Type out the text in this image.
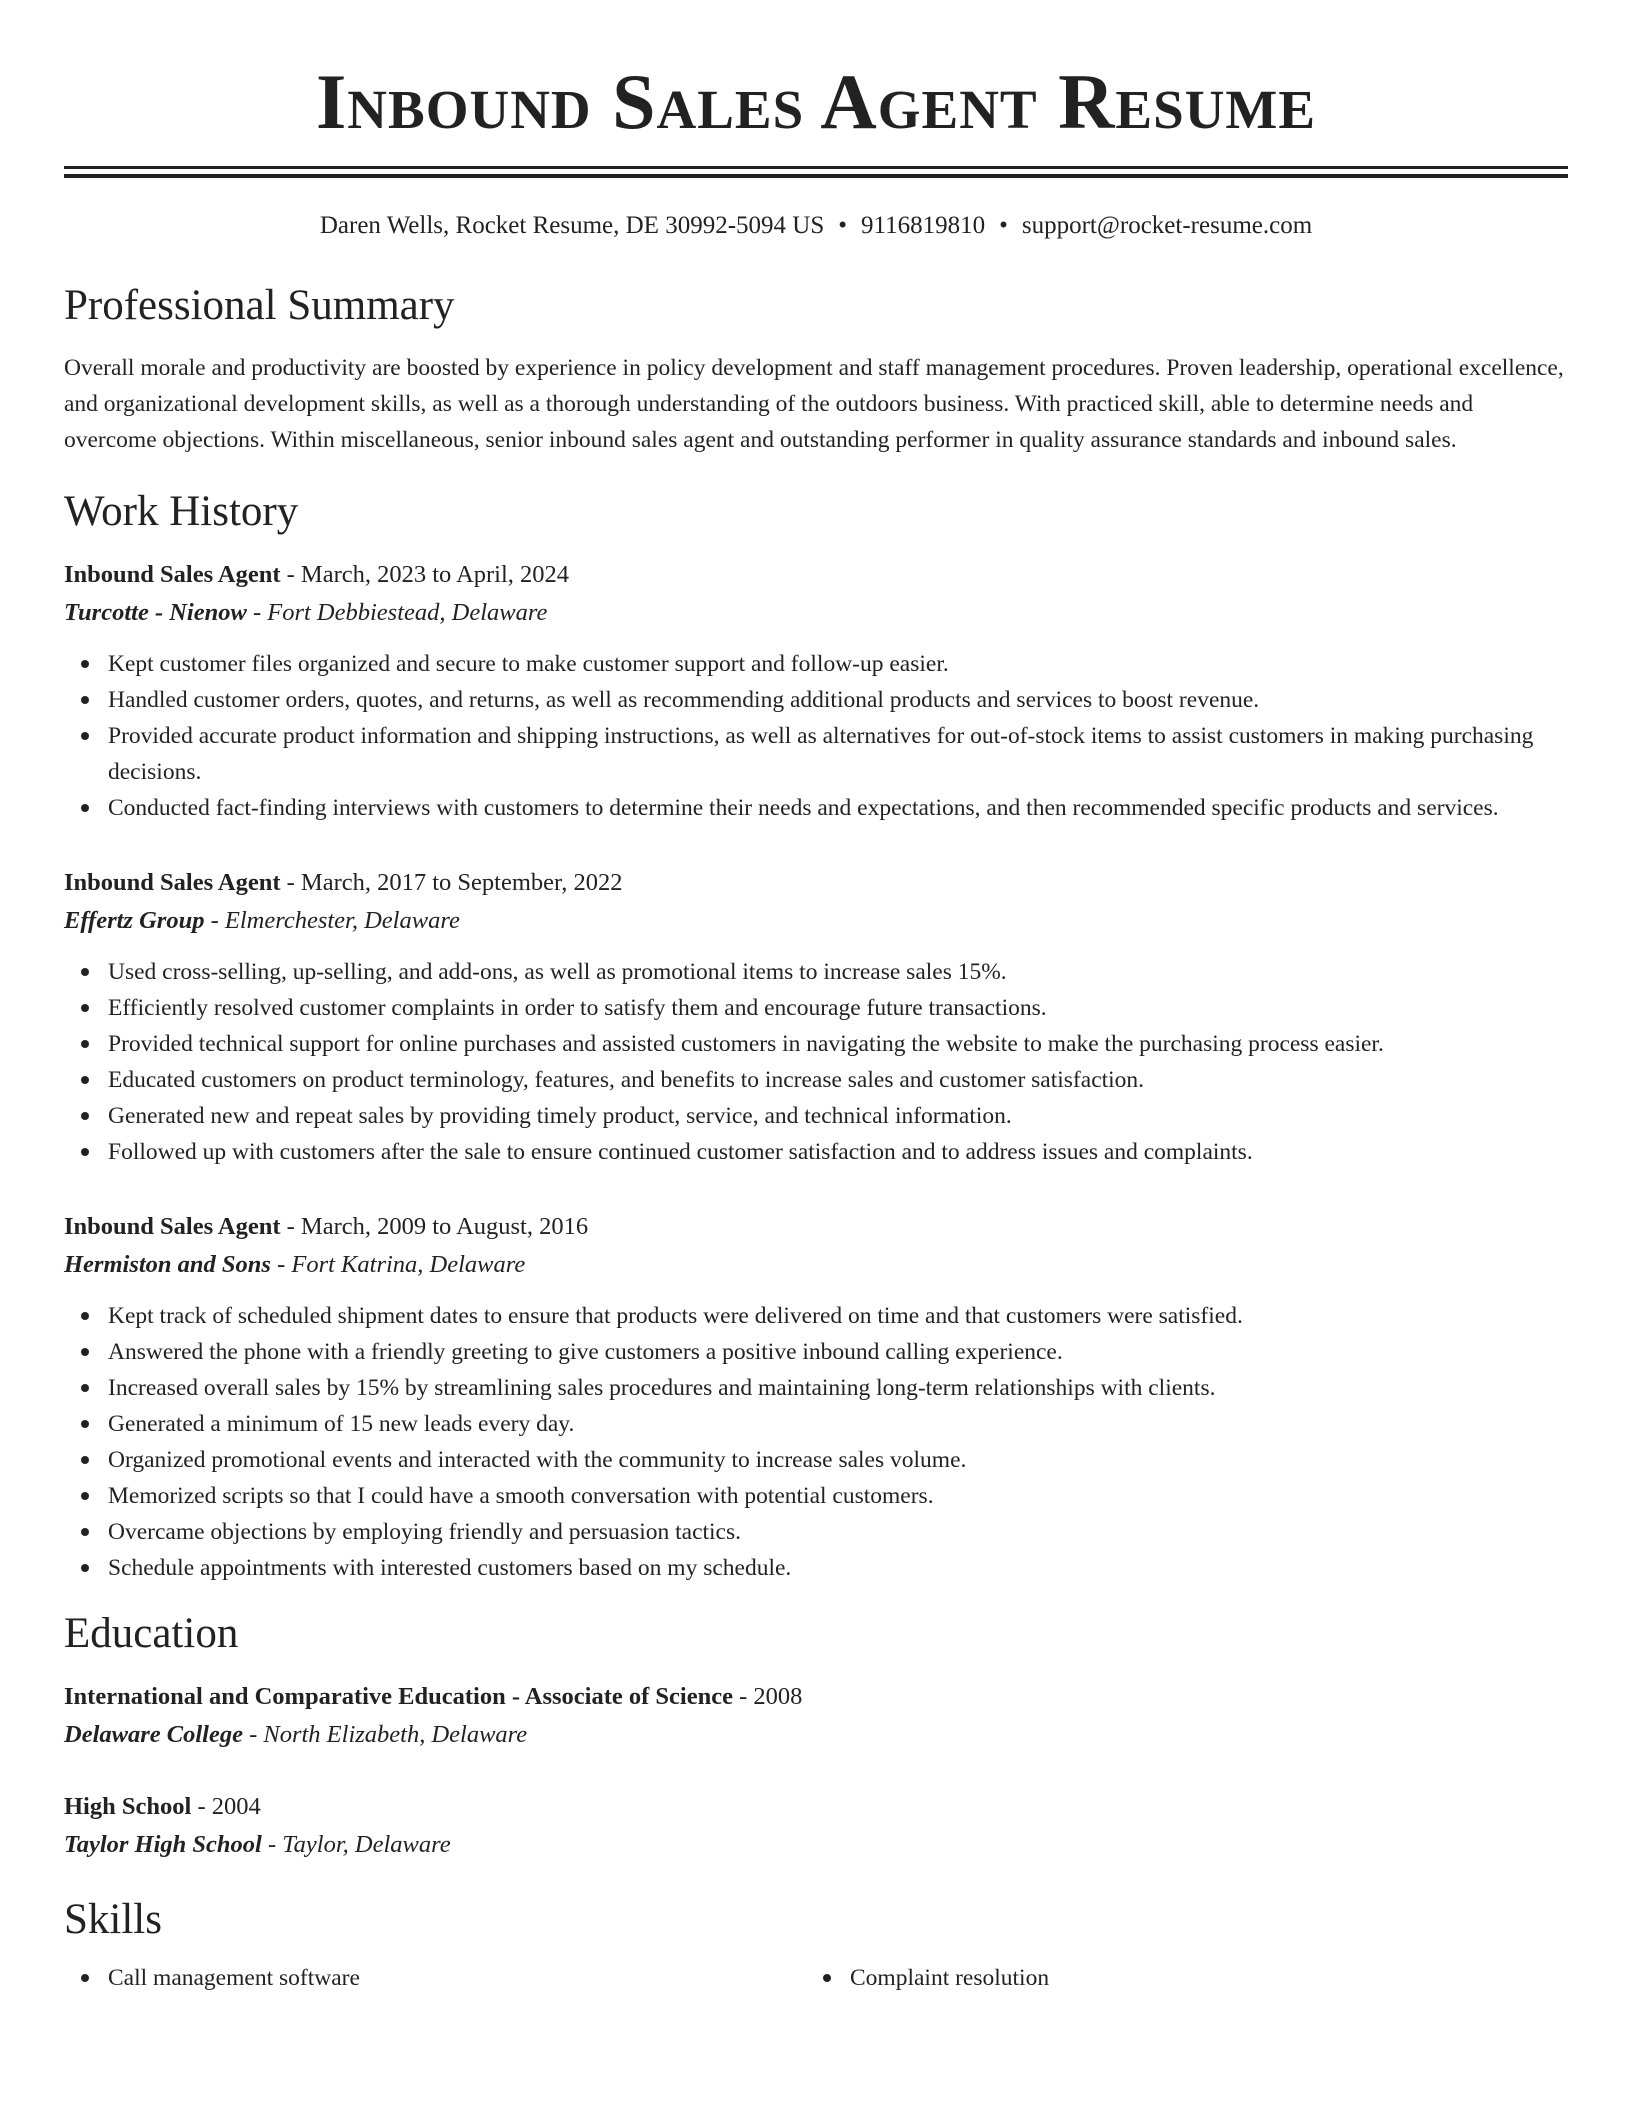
Inbound Sales Agent Resume
Daren Wells, Rocket Resume, DE 30992-5094 US • 9116819810 • support@rocket-resume.com
Professional Summary

Overall morale and productivity are boosted by experience in policy development and staff management procedures. Proven leadership, operational excellence, and organizational development skills, as well as a thorough understanding of the outdoors business. With practiced skill, able to determine needs and overcome objections. Within miscellaneous, senior inbound sales agent and outstanding performer in quality assurance standards and inbound sales.

Work History
Inbound Sales Agent - March, 2023 to April, 2024
Turcotte - Nienow - Fort Debbiestead, Delaware
Kept customer files organized and secure to make customer support and follow-up easier.
Handled customer orders, quotes, and returns, as well as recommending additional products and services to boost revenue.
Provided accurate product information and shipping instructions, as well as alternatives for out-of-stock items to assist customers in making purchasing decisions.
Conducted fact-finding interviews with customers to determine their needs and expectations, and then recommended specific products and services.
Inbound Sales Agent - March, 2017 to September, 2022
Effertz Group - Elmerchester, Delaware
Used cross-selling, up-selling, and add-ons, as well as promotional items to increase sales 15%.
Efficiently resolved customer complaints in order to satisfy them and encourage future transactions.
Provided technical support for online purchases and assisted customers in navigating the website to make the purchasing process easier.
Educated customers on product terminology, features, and benefits to increase sales and customer satisfaction.
Generated new and repeat sales by providing timely product, service, and technical information.
Followed up with customers after the sale to ensure continued customer satisfaction and to address issues and complaints.
Inbound Sales Agent - March, 2009 to August, 2016
Hermiston and Sons - Fort Katrina, Delaware
Kept track of scheduled shipment dates to ensure that products were delivered on time and that customers were satisfied.
Answered the phone with a friendly greeting to give customers a positive inbound calling experience.
Increased overall sales by 15% by streamlining sales procedures and maintaining long-term relationships with clients.
Generated a minimum of 15 new leads every day.
Organized promotional events and interacted with the community to increase sales volume.
Memorized scripts so that I could have a smooth conversation with potential customers.
Overcame objections by employing friendly and persuasion tactics.
Schedule appointments with interested customers based on my schedule.
Education
International and Comparative Education - Associate of Science - 2008
Delaware College - North Elizabeth, Delaware
High School - 2004
Taylor High School - Taylor, Delaware
Skills
Call management software	Complaint resolution
